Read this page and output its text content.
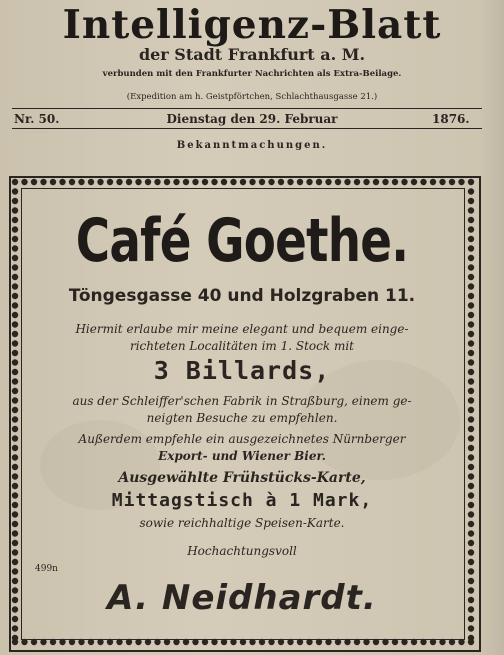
Intelligenz-Blatt
der Stadt Frankfurt a. M.
verbunden mit den Frankfurter Nachrichten als Extra-Beilage.
(Expedition am h. Geistpförtchen, Schlachthausgasse 21.)
Nr. 50.	Dienstag den 29. Februar	1876.
Bekanntmachungen.
Café Goethe.
Töngesgasse 40 und Holzgraben 11.
Hiermit erlaube mir meine elegant und bequem einge-
richteten Localitäten im 1. Stock mit
3 Billards,
aus der Schleiffer'schen Fabrik in Straßburg, einem ge-
neigten Besuche zu empfehlen.
Außerdem empfehle ein ausgezeichnetes Nürnberger
Export- und Wiener Bier.
Ausgewählte Frühstücks-Karte,
Mittagstisch à 1 Mark,
sowie reichhaltige Speisen-Karte.
Hochachtungsvoll
499n
A. Neidhardt.
